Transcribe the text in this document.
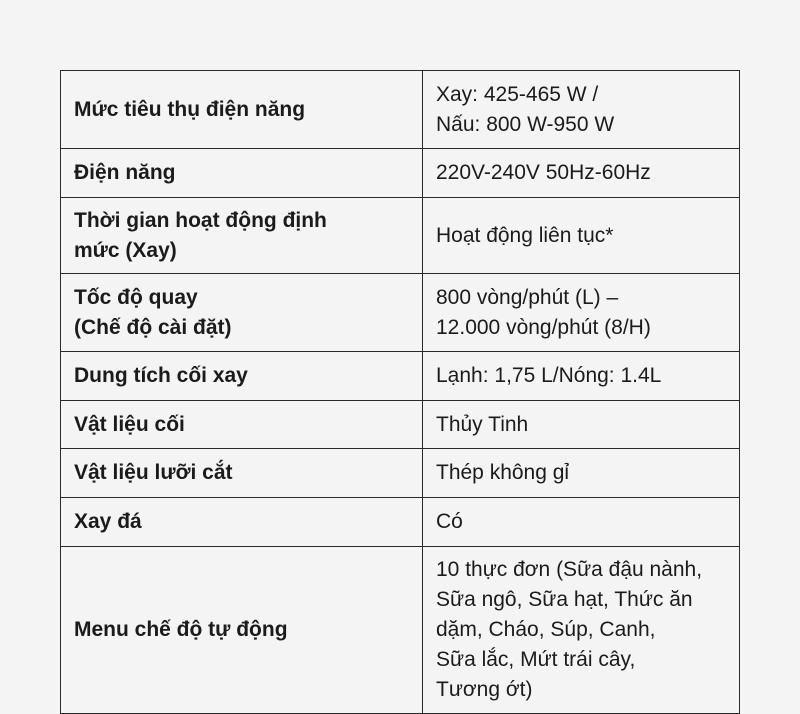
Mức tiêu thụ điện năng	Xay: 425-465 W /
Nấu: 800 W-950 W

Điện năng	220V-240V 50Hz-60Hz

Thời gian hoạt động định
mức (Xay)	Hoạt động liên tục*

Tốc độ quay
(Chế độ cài đặt)	800 vòng/phút (L) –
12.000 vòng/phút (8/H)

Dung tích cối xay	Lạnh: 1,75 L/Nóng: 1.4L

Vật liệu cối	Thủy Tinh

Vật liệu lưỡi cắt	Thép không gỉ

Xay đá	Có

Menu chế độ tự động	10 thực đơn (Sữa đậu nành,
Sữa ngô, Sữa hạt, Thức ăn
dặm, Cháo, Súp, Canh,
Sữa lắc, Mứt trái cây,
Tương ớt)
